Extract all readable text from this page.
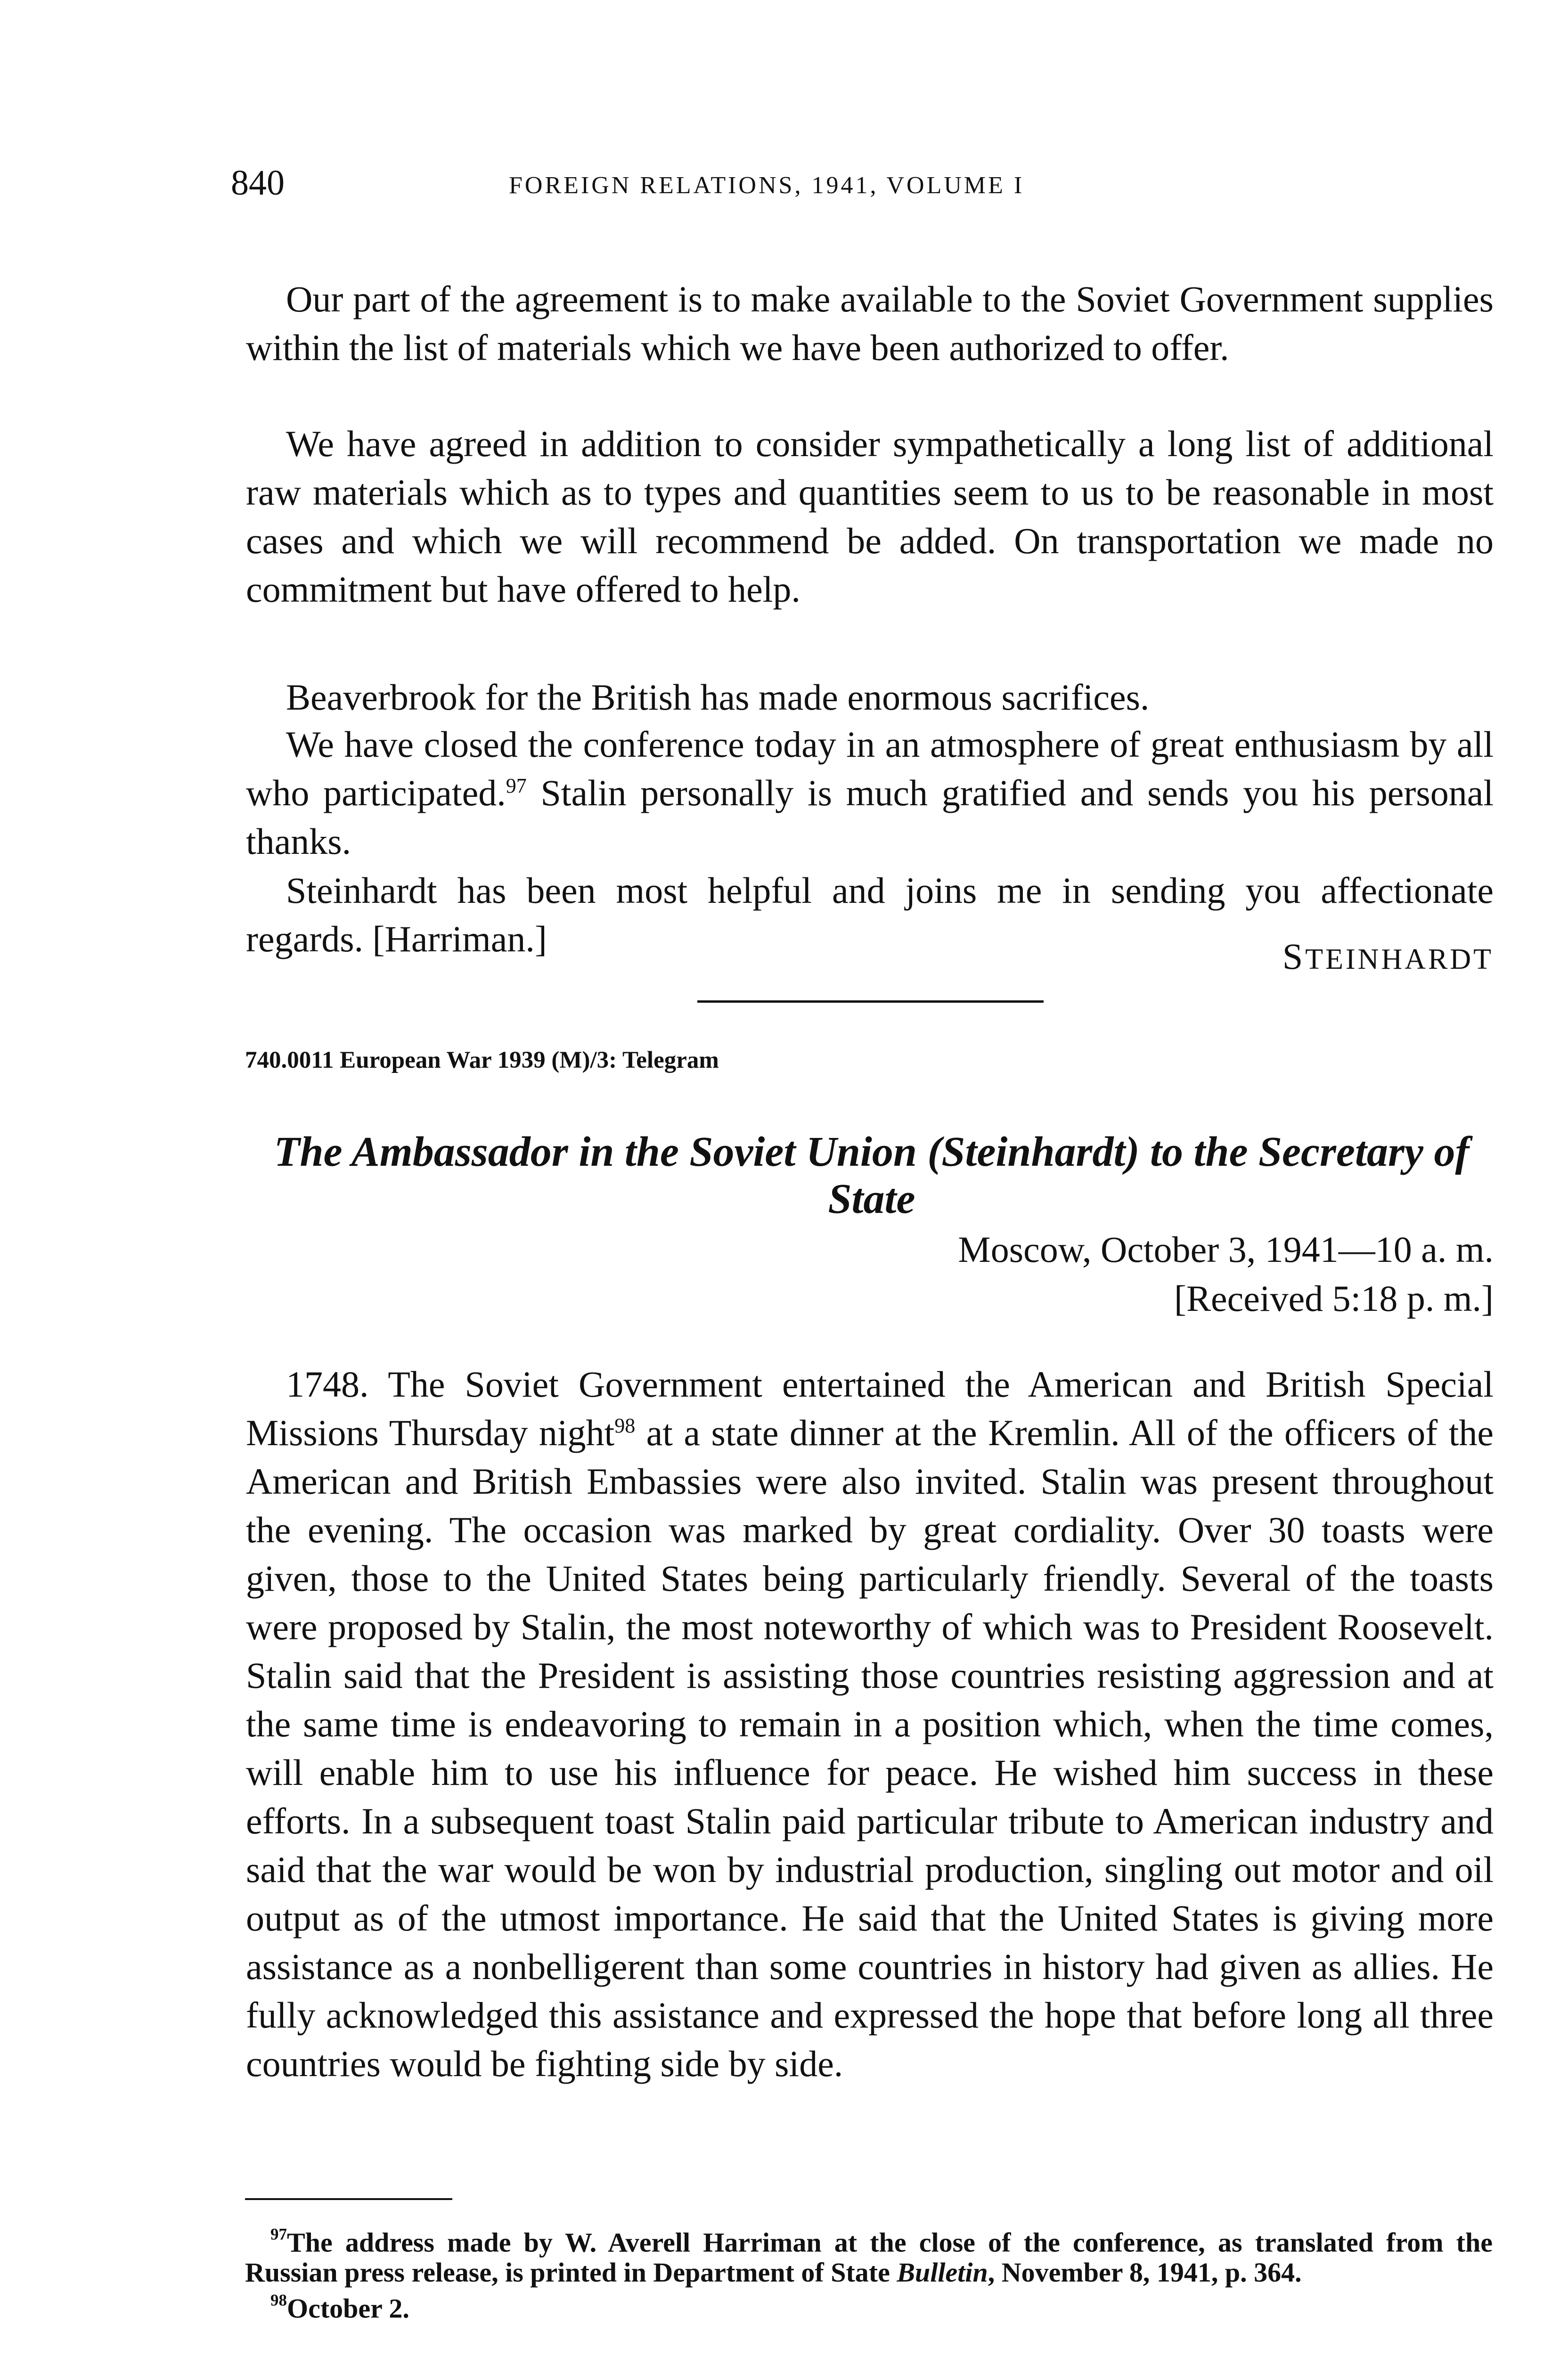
840	FOREIGN RELATIONS, 1941, VOLUME I

Our part of the agreement is to make available to the Soviet Government supplies within the list of materials which we have been authorized to offer.

We have agreed in addition to consider sympathetically a long list of additional raw materials which as to types and quantities seem to us to be reasonable in most cases and which we will recommend be added. On transportation we made no commitment but have offered to help.

Beaverbrook for the British has made enormous sacrifices.

We have closed the conference today in an atmosphere of great enthusiasm by all who participated.$^{97}$ Stalin personally is much gratified and sends you his personal thanks.

Steinhardt has been most helpful and joins me in sending you affectionate regards. [Harriman.]	STEINHARDT
740.0011 European War 1939 (M)/3: Telegram
The Ambassador in the Soviet Union (Steinhardt) to the Secretary of State
Moscow, October 3, 1941—10 a. m.
[Received 5:18 p. m.]

1748. The Soviet Government entertained the American and British Special Missions Thursday night$^{98}$ at a state dinner at the Kremlin. All of the officers of the American and British Embassies were also invited. Stalin was present throughout the evening. The occasion was marked by great cordiality. Over 30 toasts were given, those to the United States being particularly friendly. Several of the toasts were proposed by Stalin, the most noteworthy of which was to President Roosevelt. Stalin said that the President is assisting those countries resisting aggression and at the same time is endeavoring to remain in a position which, when the time comes, will enable him to use his influence for peace. He wished him success in these efforts. In a subsequent toast Stalin paid particular tribute to American industry and said that the war would be won by industrial production, singling out motor and oil output as of the utmost importance. He said that the United States is giving more assistance as a nonbelligerent than some countries in history had given as allies. He fully acknowledged this assistance and expressed the hope that before long all three countries would be fighting side by side.

$^{97}$The address made by W. Averell Harriman at the close of the conference, as translated from the Russian press release, is printed in Department of State Bulletin, November 8, 1941, p. 364.

$^{98}$October 2.
